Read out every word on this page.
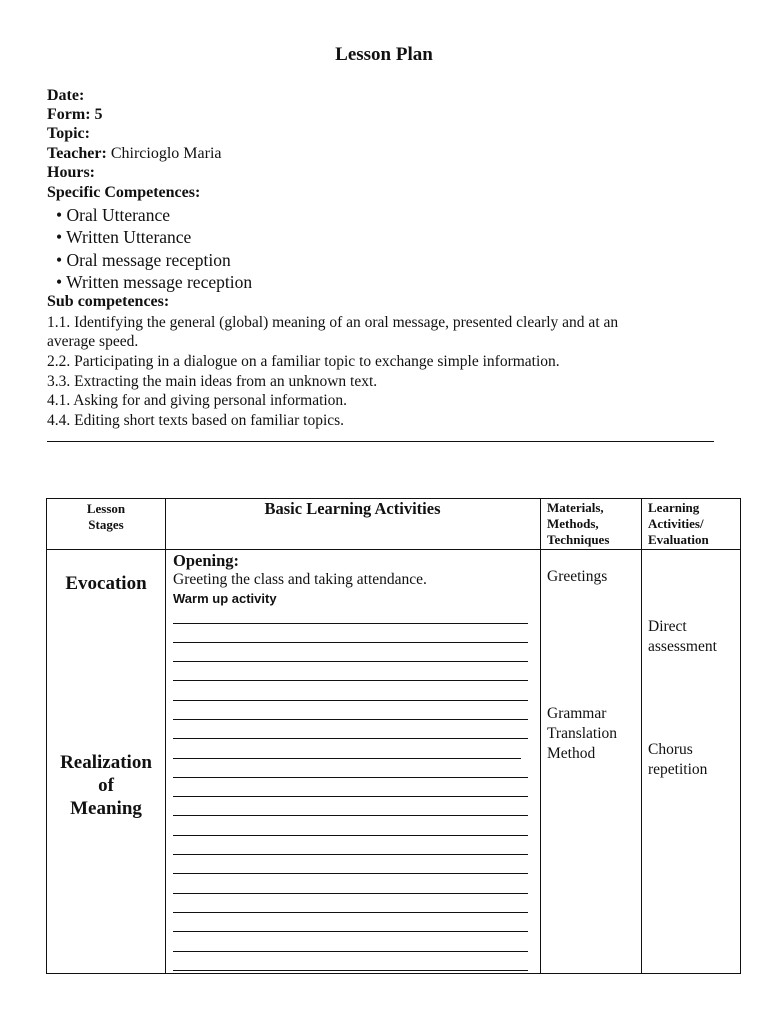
Lesson Plan
Date:
Form: 5
Topic:
Teacher: Chircioglo Maria
Hours:
Specific Competences:
• Oral Utterance
• Written Utterance
• Oral message reception
• Written message reception
Sub competences:
1.1. Identifying the general (global) meaning of an oral message, presented clearly and at an
average speed.
2.2. Participating in a dialogue on a familiar topic to exchange simple information.
3.3. Extracting the main ideas from an unknown text.
4.1. Asking for and giving personal information.
4.4. Editing short texts based on familiar topics.
Lesson
Stages
Basic Learning Activities	Materials,
Methods,
Techniques
Learning
Activities/
Evaluation
Evocation
Realization
of
Meaning
Opening:
Greeting the class and taking attendance.
Warm up activity
Greetings
Grammar
Translation
Method
Direct
assessment
Chorus
repetition
